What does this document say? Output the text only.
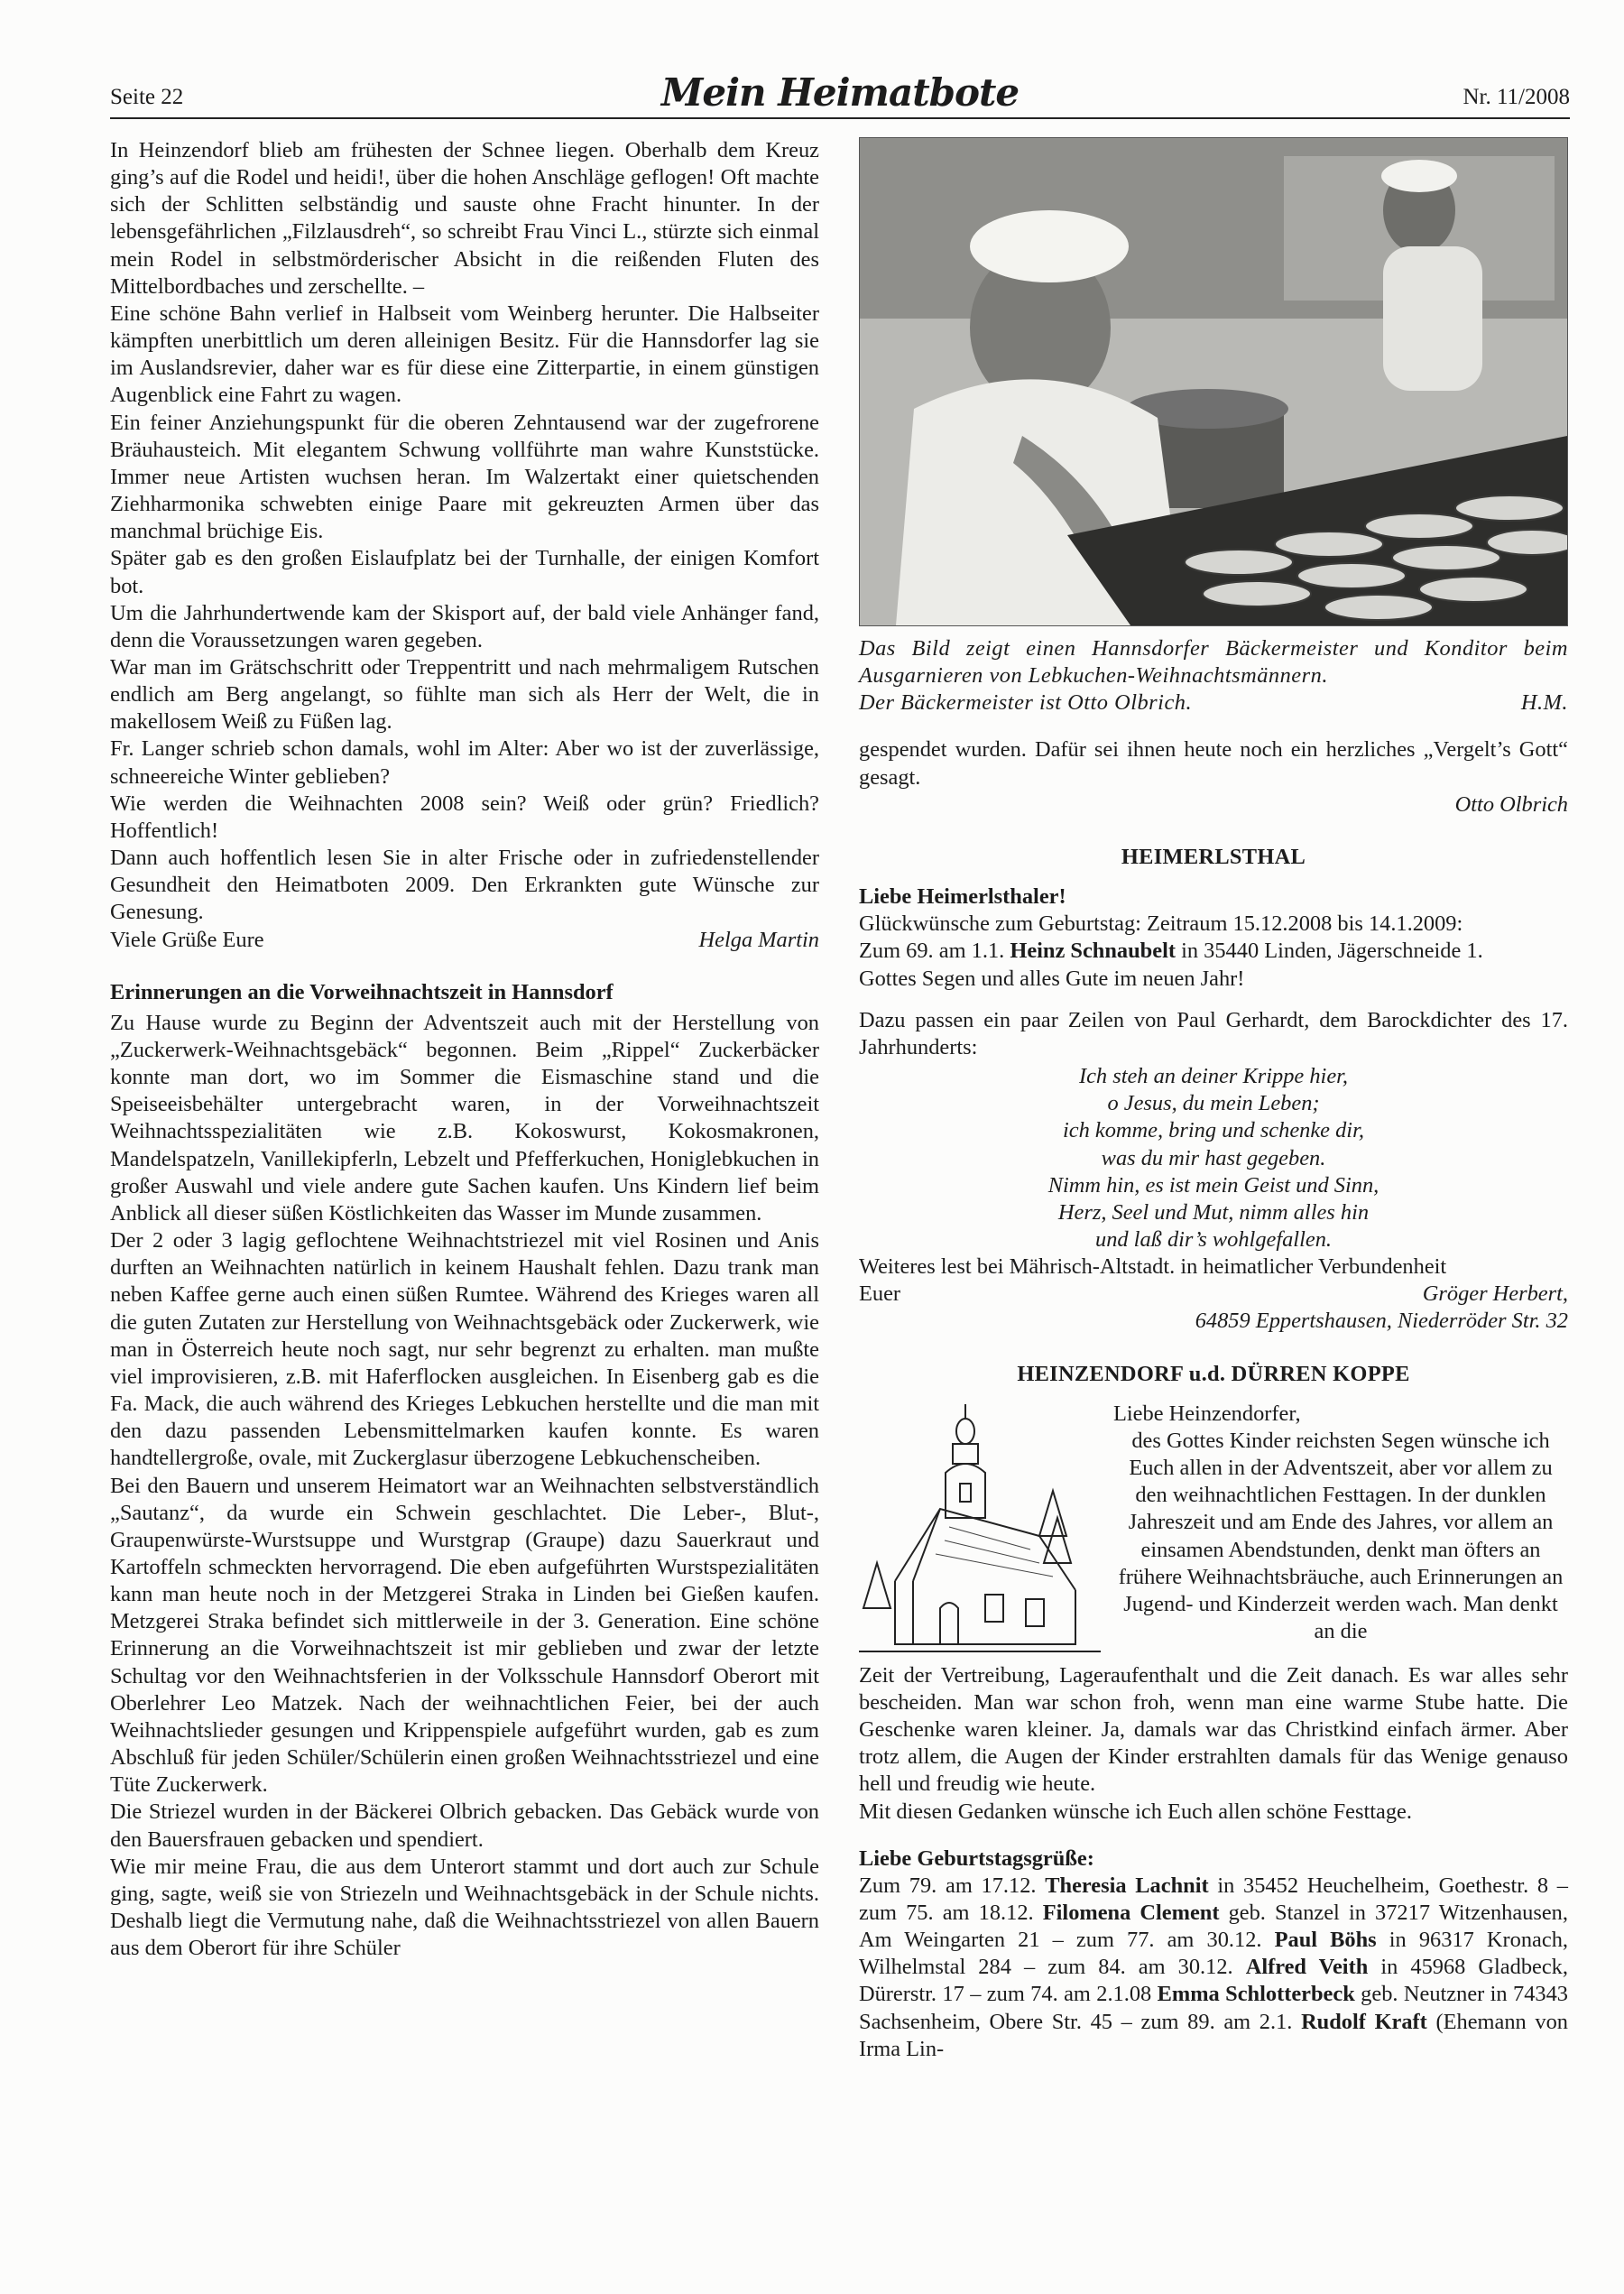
Seite 22	Mein Heimatbote	Nr. 11/2008

In Heinzendorf blieb am frühesten der Schnee liegen. Oberhalb dem Kreuz ging’s auf die Rodel und heidi!, über die hohen Anschläge geflogen! Oft machte sich der Schlitten selbständig und sauste ohne Fracht hinunter. In der lebensgefährlichen „Filzlausdreh“, so schreibt Frau Vinci L., stürzte sich einmal mein Rodel in selbstmörderischer Absicht in die reißenden Fluten des Mittelbordbaches und zerschellte. –

Eine schöne Bahn verlief in Halbseit vom Weinberg herunter. Die Halbseiter kämpften unerbittlich um deren alleinigen Besitz. Für die Hannsdorfer lag sie im Auslandsrevier, daher war es für diese eine Zitterpartie, in einem günstigen Augenblick eine Fahrt zu wagen.

Ein feiner Anziehungspunkt für die oberen Zehntausend war der zugefrorene Bräuhausteich. Mit elegantem Schwung vollführte man wahre Kunststücke. Immer neue Artisten wuchsen heran. Im Walzertakt einer quietschenden Ziehharmonika schwebten einige Paare mit gekreuzten Armen über das manchmal brüchige Eis.

Später gab es den großen Eislaufplatz bei der Turnhalle, der einigen Komfort bot.

Um die Jahrhundertwende kam der Skisport auf, der bald viele Anhänger fand, denn die Voraussetzungen waren gegeben.

War man im Grätschschritt oder Treppentritt und nach mehrmaligem Rutschen endlich am Berg angelangt, so fühlte man sich als Herr der Welt, die in makellosem Weiß zu Füßen lag.

Fr. Langer schrieb schon damals, wohl im Alter: Aber wo ist der zuverlässige, schneereiche Winter geblieben?

Wie werden die Weihnachten 2008 sein? Weiß oder grün? Friedlich? Hoffentlich!

Dann auch hoffentlich lesen Sie in alter Frische oder in zufriedenstellender Gesundheit den Heimatboten 2009. Den Erkrankten gute Wünsche zur Genesung.

Viele Grüße Eure	Helga Martin
Erinnerungen an die Vorweihnachtszeit in Hannsdorf

Zu Hause wurde zu Beginn der Adventszeit auch mit der Herstellung von „Zuckerwerk-Weihnachtsgebäck“ begonnen. Beim „Rippel“ Zuckerbäcker konnte man dort, wo im Sommer die Eismaschine stand und die Speiseeisbehälter untergebracht waren, in der Vorweihnachtszeit Weihnachtsspezialitäten wie z.B. Kokoswurst, Kokosmakronen, Mandelspatzeln, Vanillekipferln, Lebzelt und Pfefferkuchen, Honiglebkuchen in großer Auswahl und viele andere gute Sachen kaufen. Uns Kindern lief beim Anblick all dieser süßen Köstlichkeiten das Wasser im Munde zusammen.

Der 2 oder 3 lagig geflochtene Weihnachtstriezel mit viel Rosinen und Anis durften an Weihnachten natürlich in keinem Haushalt fehlen. Dazu trank man neben Kaffee gerne auch einen süßen Rumtee. Während des Krieges waren all die guten Zutaten zur Herstellung von Weihnachtsgebäck oder Zuckerwerk, wie man in Österreich heute noch sagt, nur sehr begrenzt zu erhalten. man mußte viel improvisieren, z.B. mit Haferflocken ausgleichen. In Eisenberg gab es die Fa. Mack, die auch während des Krieges Lebkuchen herstellte und die man mit den dazu passenden Lebensmittelmarken kaufen konnte. Es waren handtellergroße, ovale, mit Zuckerglasur überzogene Lebkuchenscheiben.

Bei den Bauern und unserem Heimatort war an Weihnachten selbstverständlich „Sautanz“, da wurde ein Schwein geschlachtet. Die Leber-, Blut-, Graupenwürste-Wurstsuppe und Wurstgrap (Graupe) dazu Sauerkraut und Kartoffeln schmeckten hervorragend. Die eben aufgeführten Wurstspezialitäten kann man heute noch in der Metzgerei Straka in Linden bei Gießen kaufen. Metzgerei Straka befindet sich mittlerweile in der 3. Generation. Eine schöne Erinnerung an die Vorweihnachtszeit ist mir geblieben und zwar der letzte Schultag vor den Weihnachtsferien in der Volksschule Hannsdorf Oberort mit Oberlehrer Leo Matzek. Nach der weihnachtlichen Feier, bei der auch Weihnachtslieder gesungen und Krippenspiele aufgeführt wurden, gab es zum Abschluß für jeden Schüler/Schülerin einen großen Weihnachtsstriezel und eine Tüte Zuckerwerk.

Die Striezel wurden in der Bäckerei Olbrich gebacken. Das Gebäck wurde von den Bauersfrauen gebacken und spendiert.

Wie mir meine Frau, die aus dem Unterort stammt und dort auch zur Schule ging, sagte, weiß sie von Striezeln und Weihnachtsgebäck in der Schule nichts. Deshalb liegt die Vermutung nahe, daß die Weihnachtsstriezel von allen Bauern aus dem Oberort für ihre Schüler

Das Bild zeigt einen Hannsdorfer Bäckermeister und Konditor beim Ausgarnieren von Lebkuchen-Weihnachtsmännern.

Der Bäckermeister ist Otto Olbrich.	H.M.

gespendet wurden. Dafür sei ihnen heute noch ein herzliches „Vergelt’s Gott“ gesagt.

Otto Olbrich
HEIMERLSTHAL
Liebe Heimerlsthaler!

Glückwünsche zum Geburtstag: Zeitraum 15.12.2008 bis 14.1.2009:

Zum 69. am 1.1. Heinz Schnaubelt in 35440 Linden, Jägerschneide 1.

Gottes Segen und alles Gute im neuen Jahr!

Dazu passen ein paar Zeilen von Paul Gerhardt, dem Barockdichter des 17. Jahrhunderts:

Ich steh an deiner Krippe hier,
o Jesus, du mein Leben;
ich komme, bring und schenke dir,
was du mir hast gegeben.
Nimm hin, es ist mein Geist und Sinn,
Herz, Seel und Mut, nimm alles hin
und laß dir’s wohlgefallen.

Weiteres lest bei Mährisch-Altstadt. in heimatlicher Verbundenheit

Euer	Gröger Herbert,
64859 Eppertshausen, Niederröder Str. 32
HEINZENDORF u.d. DÜRREN KOPPE
Liebe Heinzendorfer,

des Gottes Kinder reichsten Segen wünsche ich Euch allen in der Adventszeit, aber vor allem zu den weihnachtlichen Festtagen. In der dunklen Jahreszeit und am Ende des Jahres, vor allem an einsamen Abendstunden, denkt man öfters an frühere Weihnachtsbräuche, auch Erinnerungen an Jugend- und Kinderzeit werden wach. Man denkt an die

Zeit der Vertreibung, Lageraufenthalt und die Zeit danach. Es war alles sehr bescheiden. Man war schon froh, wenn man eine warme Stube hatte. Die Geschenke waren kleiner. Ja, damals war das Christkind einfach ärmer. Aber trotz allem, die Augen der Kinder erstrahlten damals für das Wenige genauso hell und freudig wie heute.

Mit diesen Gedanken wünsche ich Euch allen schöne Festtage.

Liebe Geburtstagsgrüße:

Zum 79. am 17.12. Theresia Lachnit in 35452 Heuchelheim, Goethestr. 8 – zum 75. am 18.12. Filomena Clement geb. Stanzel in 37217 Witzenhausen, Am Weingarten 21 – zum 77. am 30.12. Paul Böhs in 96317 Kronach, Wilhelmstal 284 – zum 84. am 30.12. Alfred Veith in 45968 Gladbeck, Dürerstr. 17 – zum 74. am 2.1.08 Emma Schlotterbeck geb. Neutzner in 74343 Sachsenheim, Obere Str. 45 – zum 89. am 2.1. Rudolf Kraft (Ehemann von Irma Lin-
